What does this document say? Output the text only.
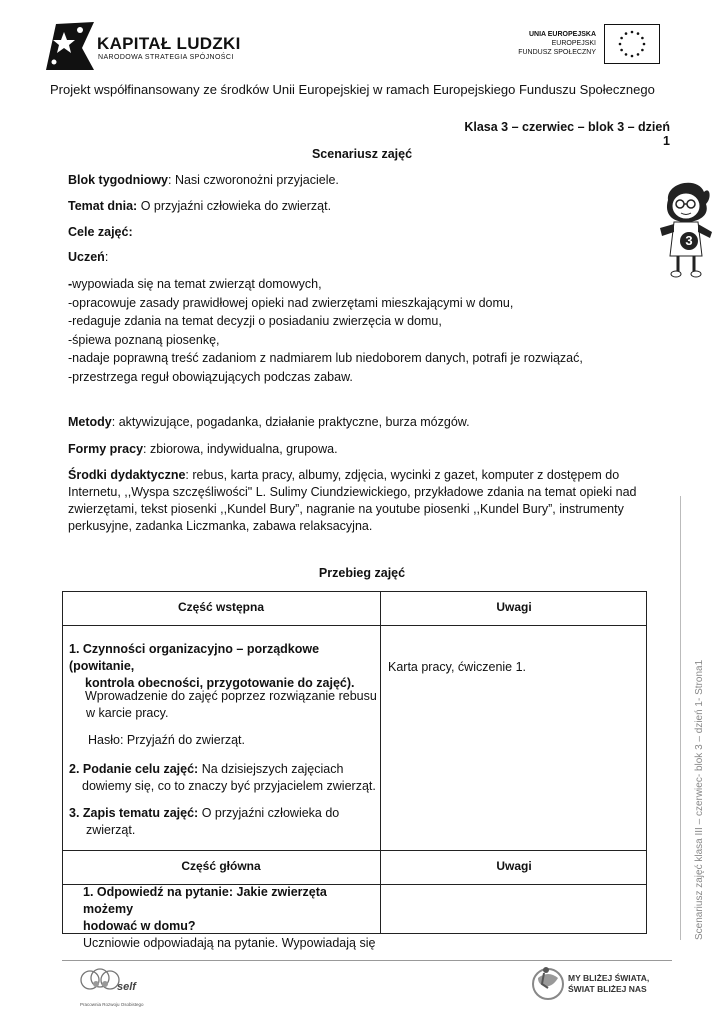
KAPITAŁ LUDZKI
NARODOWA STRATEGIA SPÓJNOŚCI
UNIA EUROPEJSKA
EUROPEJSKI
FUNDUSZ SPOŁECZNY
Projekt współfinansowany ze środków Unii Europejskiej w ramach Europejskiego Funduszu Społecznego
Klasa 3 – czerwiec – blok 3 – dzień 1
Scenariusz zajęć
Blok tygodniowy: Nasi czworonożni przyjaciele.
Temat dnia: O przyjaźni człowieka do zwierząt.
Cele zajęć:
Uczeń:
-wypowiada się na temat zwierząt domowych,
-opracowuje zasady prawidłowej opieki nad zwierzętami mieszkającymi w domu,
-redaguje zdania na temat decyzji o posiadaniu zwierzęcia w domu,
-śpiewa poznaną piosenkę,
-nadaje poprawną treść zadaniom z nadmiarem lub niedoborem danych, potrafi je rozwiązać,
-przestrzega reguł obowiązujących podczas zabaw.
Metody: aktywizujące, pogadanka, działanie praktyczne, burza mózgów.
Formy pracy: zbiorowa, indywidualna, grupowa.
Środki dydaktyczne: rebus, karta pracy, albumy, zdjęcia, wycinki z gazet, komputer z dostępem do
Internetu, ,,Wyspa szczęśliwości" L. Sulimy Ciundziewickiego, przykładowe zdania na temat opieki nad
zwierzętami, tekst piosenki ,,Kundel Bury”, nagranie na youtube piosenki ,,Kundel Bury”, instrumenty
perkusyjne, zadanka Liczmanka, zabawa relaksacyjna.
Przebieg zajęć
Część wstępna	Uwagi
1. Czynności organizacyjno – porządkowe (powitanie,
kontrola obecności, przygotowanie do zajęć).
Wprowadzenie do zajęć poprzez rozwiązanie rebusu
w karcie pracy.
Hasło: Przyjaźń do zwierząt.
2. Podanie celu zajęć: Na dzisiejszych zajęciach
dowiemy się, co to znaczy być przyjacielem zwierząt.
3. Zapis tematu zajęć: O przyjaźni człowieka do
zwierząt.
Karta pracy, ćwiczenie 1.
Część główna	Uwagi
1. Odpowiedź na pytanie: Jakie zwierzęta możemy
hodować w domu?
Uczniowie odpowiadają na pytanie. Wypowiadają się
3
Scenariusz zajęć klasa III – czerwiec- blok 3 – dzień 1- Strona1
self
Pracownia Rozwoju Osobistego
MY BLIŻEJ ŚWIATA,
ŚWIAT BLIŻEJ NAS
